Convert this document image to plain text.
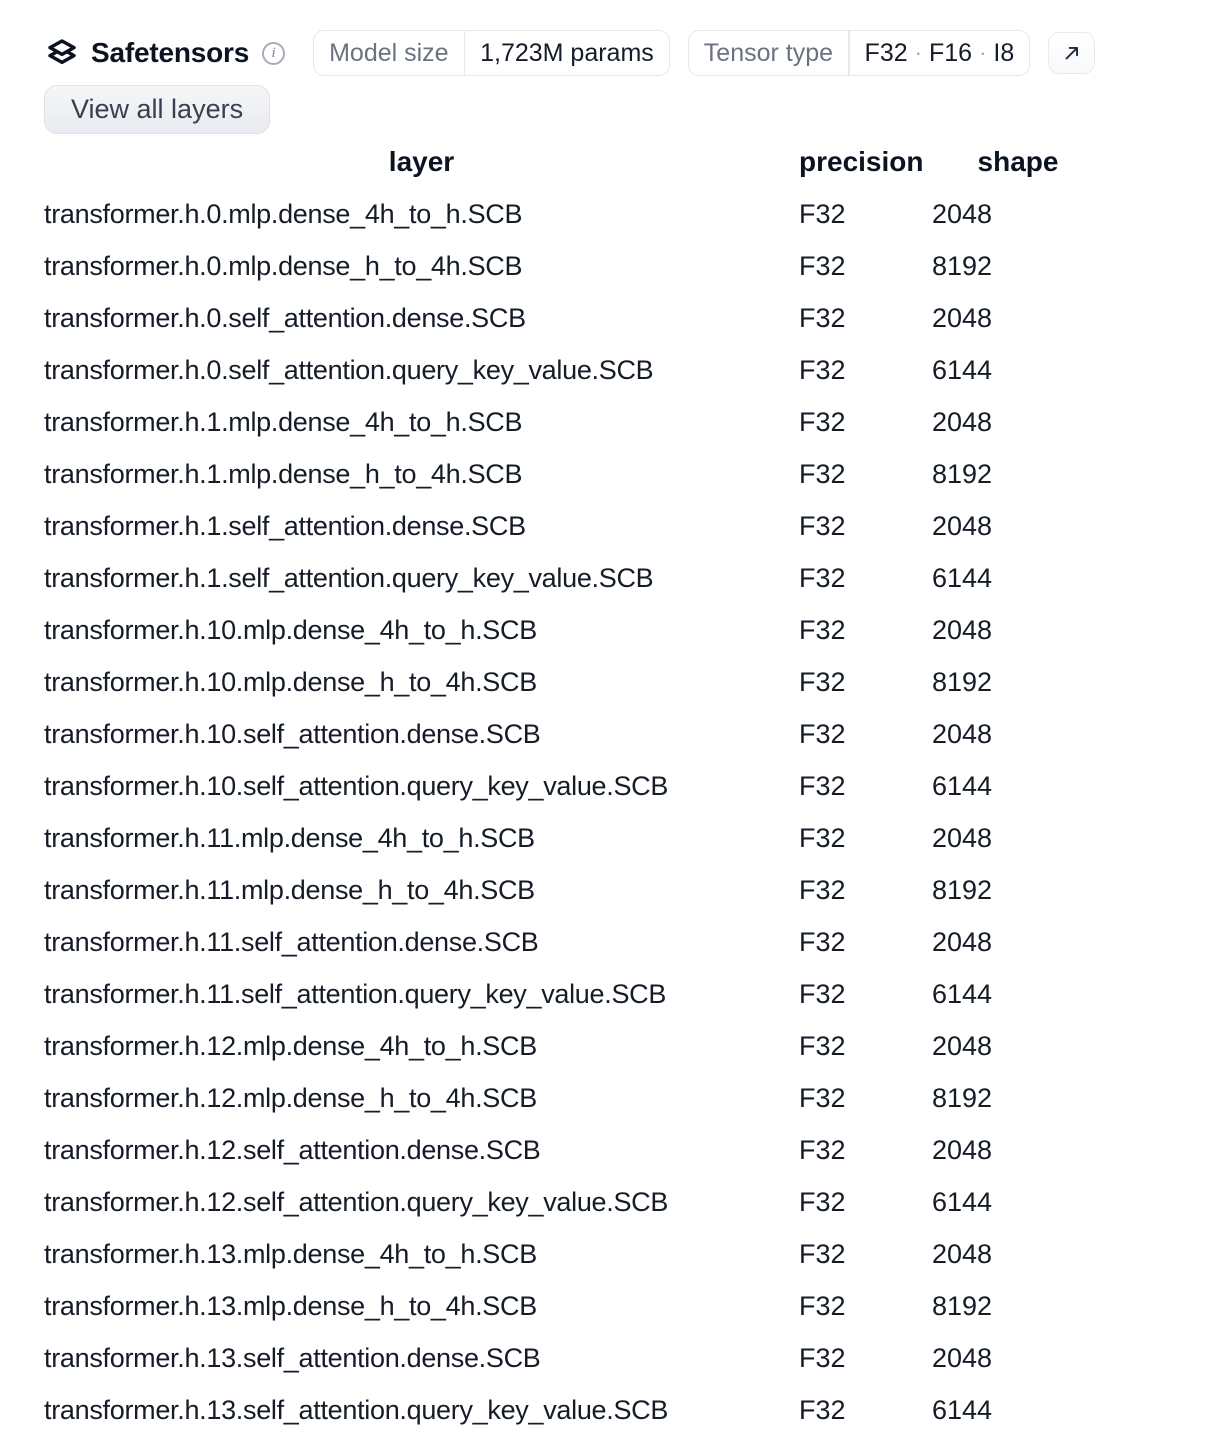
Safetensors	i	Model size	1,723M params	Tensor type	F32 · F16 · I8
View all layers
layer	precision	shape
transformer.h.0.mlp.dense_4h_to_h.SCB	F32	2048
transformer.h.0.mlp.dense_h_to_4h.SCB	F32	8192
transformer.h.0.self_attention.dense.SCB	F32	2048
transformer.h.0.self_attention.query_key_value.SCB	F32	6144
transformer.h.1.mlp.dense_4h_to_h.SCB	F32	2048
transformer.h.1.mlp.dense_h_to_4h.SCB	F32	8192
transformer.h.1.self_attention.dense.SCB	F32	2048
transformer.h.1.self_attention.query_key_value.SCB	F32	6144
transformer.h.10.mlp.dense_4h_to_h.SCB	F32	2048
transformer.h.10.mlp.dense_h_to_4h.SCB	F32	8192
transformer.h.10.self_attention.dense.SCB	F32	2048
transformer.h.10.self_attention.query_key_value.SCB	F32	6144
transformer.h.11.mlp.dense_4h_to_h.SCB	F32	2048
transformer.h.11.mlp.dense_h_to_4h.SCB	F32	8192
transformer.h.11.self_attention.dense.SCB	F32	2048
transformer.h.11.self_attention.query_key_value.SCB	F32	6144
transformer.h.12.mlp.dense_4h_to_h.SCB	F32	2048
transformer.h.12.mlp.dense_h_to_4h.SCB	F32	8192
transformer.h.12.self_attention.dense.SCB	F32	2048
transformer.h.12.self_attention.query_key_value.SCB	F32	6144
transformer.h.13.mlp.dense_4h_to_h.SCB	F32	2048
transformer.h.13.mlp.dense_h_to_4h.SCB	F32	8192
transformer.h.13.self_attention.dense.SCB	F32	2048
transformer.h.13.self_attention.query_key_value.SCB	F32	6144
